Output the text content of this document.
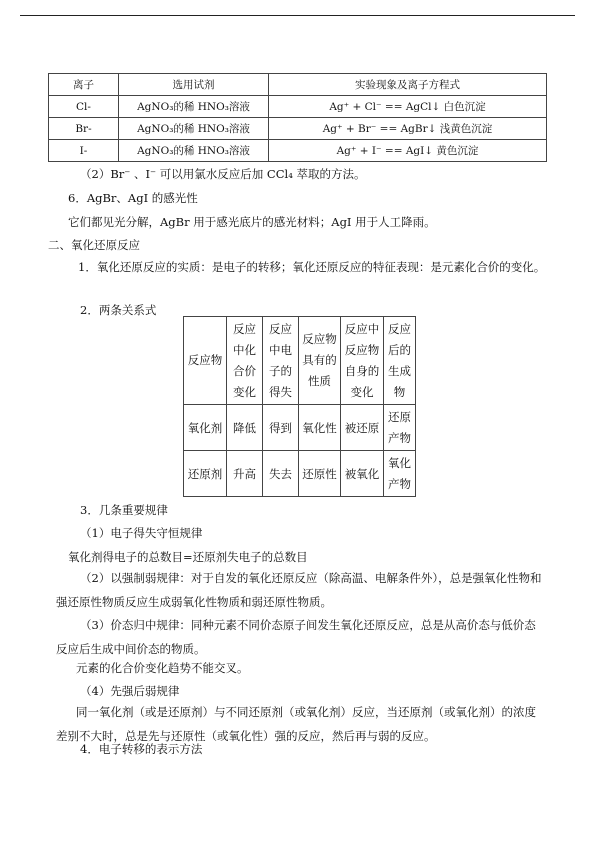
离子	选用试剂	实验现象及离子方程式
Cl-	AgNO₃的稀 HNO₃溶液	Ag⁺ + Cl⁻ == AgCl↓ 白色沉淀
Br-	AgNO₃的稀 HNO₃溶液	Ag⁺ + Br⁻ == AgBr↓ 浅黄色沉淀
I-	AgNO₃的稀 HNO₃溶液	Ag⁺ + I⁻ == AgI↓ 黄色沉淀
（2）Br⁻ 、I⁻ 可以用氯水反应后加 CCl₄ 萃取的方法。
6．AgBr、AgI 的感光性
它们都见光分解，AgBr 用于感光底片的感光材料；AgI 用于人工降雨。
二、氧化还原反应
1．氧化还原反应的实质：是电子的转移；氧化还原反应的特征表现：是元素化合价的变化。
2．两条关系式
反应物	反应
中化
合价
变化	反应
中电
子的
得失	反应物
具有的
性质	反应中
反应物
自身的
变化	反应
后的
生成
物

氧化剂	降低	得到	氧化性	被还原	还原
产物

还原剂	升高	失去	还原性	被氧化	氧化
产物
3．几条重要规律
（1）电子得失守恒规律
氧化剂得电子的总数目=还原剂失电子的总数目
（2）以强制弱规律：对于自发的氧化还原反应（除高温、电解条件外），总是强氧化性物和强还原性物质反应生成弱氧化性物质和弱还原性物质。
（3）价态归中规律：同种元素不同价态原子间发生氧化还原反应，总是从高价态与低价态反应后生成中间价态的物质。
元素的化合价变化趋势不能交叉。
（4）先强后弱规律
同一氧化剂（或是还原剂）与不同还原剂（或氧化剂）反应，当还原剂（或氧化剂）的浓度差别不大时，总是先与还原性（或氧化性）强的反应，然后再与弱的反应。
4．电子转移的表示方法
